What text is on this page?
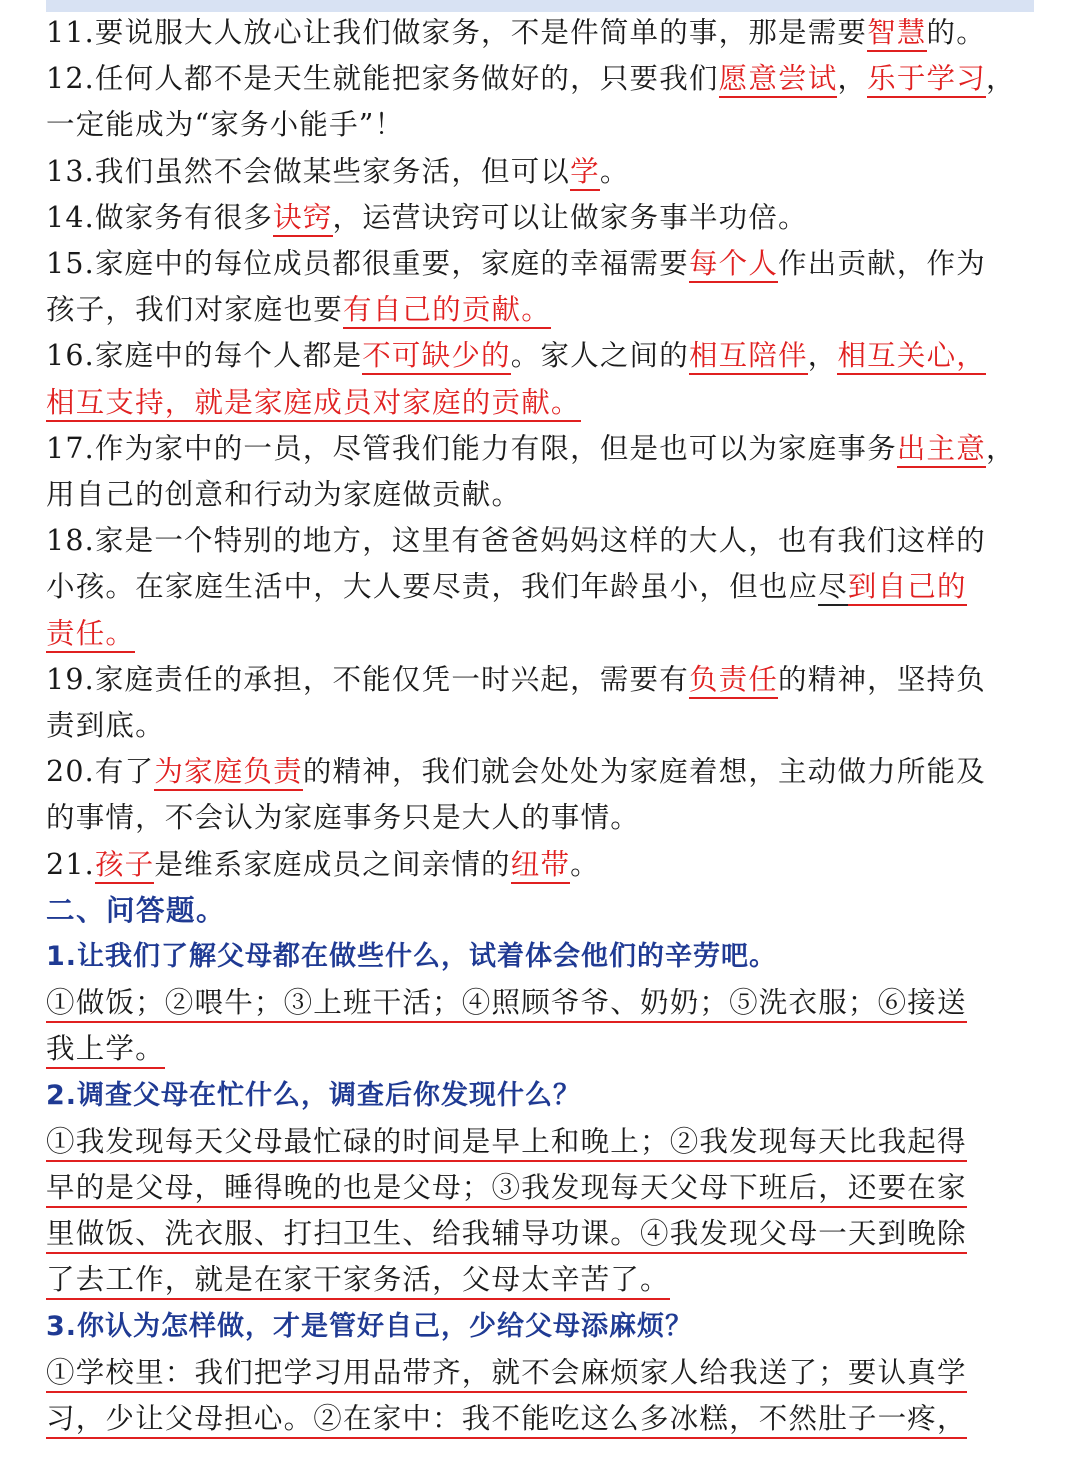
11.要说服大人放心让我们做家务，不是件简单的事，那是需要智慧的。

12.任何人都不是天生就能把家务做好的，只要我们愿意尝试，乐于学习，

一定能成为“家务小能手”！

13.我们虽然不会做某些家务活，但可以学。

14.做家务有很多诀窍，运营诀窍可以让做家务事半功倍。

15.家庭中的每位成员都很重要，家庭的幸福需要每个人作出贡献，作为

孩子，我们对家庭也要有自己的贡献。

16.家庭中的每个人都是不可缺少的。家人之间的相互陪伴，相互关心，

相互支持，就是家庭成员对家庭的贡献。

17.作为家中的一员，尽管我们能力有限，但是也可以为家庭事务出主意，

用自己的创意和行动为家庭做贡献。

18.家是一个特别的地方，这里有爸爸妈妈这样的大人，也有我们这样的

小孩。在家庭生活中，大人要尽责，我们年龄虽小，但也应尽到自己的

责任。

19.家庭责任的承担，不能仅凭一时兴起，需要有负责任的精神，坚持负

责到底。

20.有了为家庭负责的精神，我们就会处处为家庭着想，主动做力所能及

的事情，不会认为家庭事务只是大人的事情。

21.孩子是维系家庭成员之间亲情的纽带。

二、问答题。

1.让我们了解父母都在做些什么，试着体会他们的辛劳吧。

①做饭；②喂牛；③上班干活；④照顾爷爷、奶奶；⑤洗衣服；⑥接送

我上学。

2.调查父母在忙什么，调查后你发现什么？

①我发现每天父母最忙碌的时间是早上和晚上；②我发现每天比我起得

早的是父母，睡得晚的也是父母；③我发现每天父母下班后，还要在家

里做饭、洗衣服、打扫卫生、给我辅导功课。④我发现父母一天到晚除

了去工作，就是在家干家务活，父母太辛苦了。

3.你认为怎样做，才是管好自己，少给父母添麻烦？

①学校里：我们把学习用品带齐，就不会麻烦家人给我送了；要认真学

习，少让父母担心。②在家中：我不能吃这么多冰糕，不然肚子一疼，
